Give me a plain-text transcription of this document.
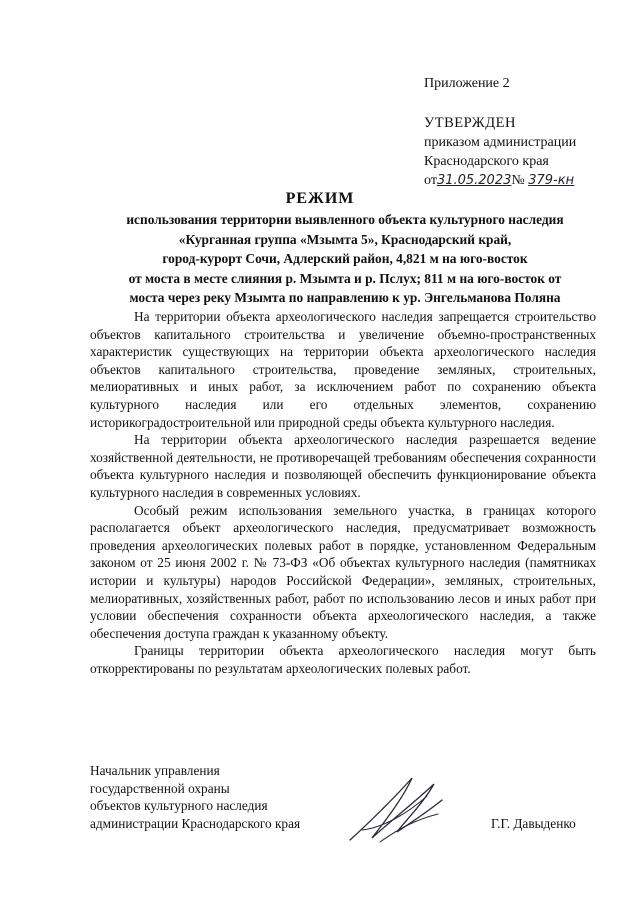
Приложение 2
УТВЕРЖДЕН
приказом администрации
Краснодарского края
от31.05.2023№ 379-кн
РЕЖИМ
использования территории выявленного объекта культурного наследия
«Курганная группа «Мзымта 5», Краснодарский край,
город-курорт Сочи, Адлерский район, 4,821 м на юго-восток
от моста в месте слияния р. Мзымта и р. Пслух; 811 м на юго-восток от
моста через реку Мзымта по направлению к ур. Энгельманова Поляна

На территории объекта археологического наследия запрещается строительство объектов капитального строительства и увеличение объемно-пространственных характеристик существующих на территории объекта археологического наследия объектов капитального строительства, проведение земляных, строительных, мелиоративных и иных работ, за исключением работ по сохранению объекта культурного наследия или его отдельных элементов, сохранению историкоградостроительной или природной среды объекта культурного наследия.

На территории объекта археологического наследия разрешается ведение хозяйственной деятельности, не противоречащей требованиям обеспечения сохранности объекта культурного наследия и позволяющей обеспечить функционирование объекта культурного наследия в современных условиях.

Особый режим использования земельного участка, в границах которого располагается объект археологического наследия, предусматривает возможность проведения археологических полевых работ в порядке, установленном Федеральным законом от 25 июня 2002 г. № 73-ФЗ «Об объектах культурного наследия (памятниках истории и культуры) народов Российской Федерации», земляных, строительных, мелиоративных, хозяйственных работ, работ по использованию лесов и иных работ при условии обеспечения сохранности объекта археологического наследия, а также обеспечения доступа граждан к указанному объекту.

Границы территории объекта археологического наследия могут быть откорректированы по результатам археологических полевых работ.

Начальник управления
государственной охраны
объектов культурного наследия
администрации Краснодарского края	Г.Г. Давыденко
